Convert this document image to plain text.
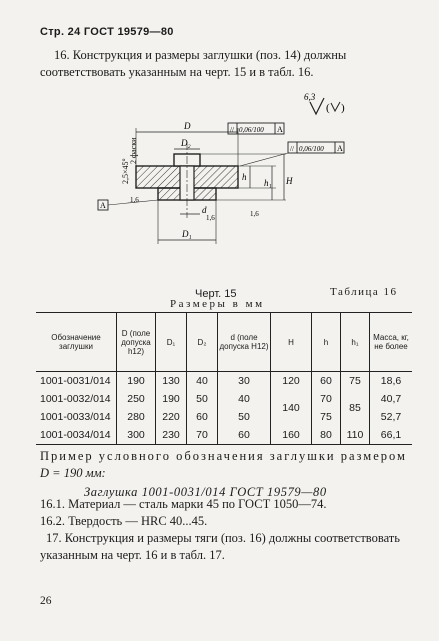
Стр. 24 ГОСТ 19579—80
16. Конструкция и размеры заглушки (поз. 14) должны соответствовать указанным на черт. 15 и в табл. 16.
6,3
( )
D
D₂
A
2,5×45°
2 фаски
1,6
1,6
1,6
d
D₁
// 0,06/100 A
// 0,06/100 A
h
h₁ H
Черт. 15	Таблица 16
Размеры в мм
Обозначение заглушки	D (поле допуска h12)	D₁	D₂	d (поле допуска H12)	H	h	h₁	Масса, кг, не более
1001-0031/014	190	130	40	30	120	60	75	18,6
1001-0032/014	250	190	50	40	140	70	85	40,7
1001-0033/014	280	220	60	50		75		52,7
1001-0034/014	300	230	70	60	160	80	110	66,1
Пример условного обозначения заглушки размером D = 190 мм:
Заглушка 1001-0031/014 ГОСТ 19579—80
16.1. Материал — сталь марки 45 по ГОСТ 1050—74.
16.2. Твердость — HRC 40...45.
17. Конструкция и размеры тяги (поз. 16) должны соответствовать указанным на черт. 16 и в табл. 17.
26
